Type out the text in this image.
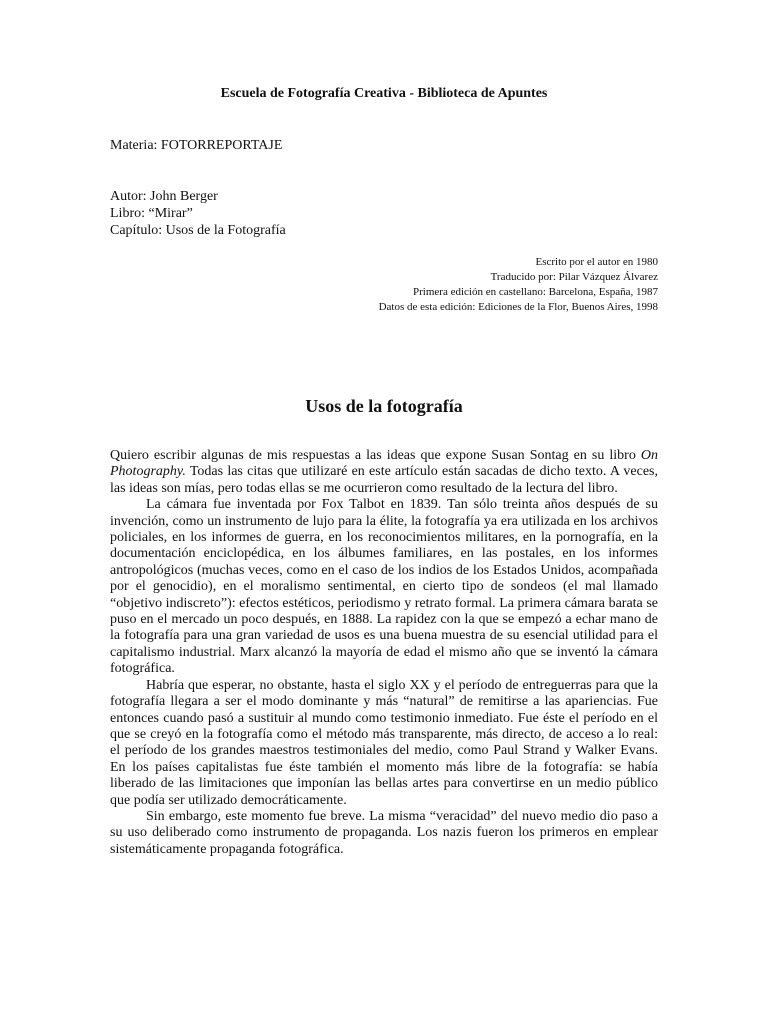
Escuela de Fotografía Creativa - Biblioteca de Apuntes
Materia: FOTORREPORTAJE
Autor: John Berger
Libro: “Mirar”
Capítulo: Usos de la Fotografía
Escrito por el autor en 1980
Traducido por: Pilar Vázquez Álvarez
Primera edición en castellano: Barcelona, España, 1987
Datos de esta edición: Ediciones de la Flor, Buenos Aires, 1998
Usos de la fotografía

Quiero escribir algunas de mis respuestas a las ideas que expone Susan Sontag en su libro On Photography. Todas las citas que utilizaré en este artículo están sacadas de dicho texto. A veces, las ideas son mías, pero todas ellas se me ocurrieron como resultado de la lectura del libro.

La cámara fue inventada por Fox Talbot en 1839. Tan sólo treinta años después de su invención, como un instrumento de lujo para la élite, la fotografía ya era utilizada en los archivos policiales, en los informes de guerra, en los reconocimientos militares, en la pornografía, en la documentación enciclopédica, en los álbumes familiares, en las postales, en los informes antropológicos (muchas veces, como en el caso de los indios de los Estados Unidos, acompañada por el genocidio), en el moralismo sentimental, en cierto tipo de sondeos (el mal llamado “objetivo indiscreto”): efectos estéticos, periodismo y retrato formal. La primera cámara barata se puso en el mercado un poco después, en 1888. La rapidez con la que se empezó a echar mano de la fotografía para una gran variedad de usos es una buena muestra de su esencial utilidad para el capitalismo industrial. Marx alcanzó la mayoría de edad el mismo año que se inventó la cámara fotográfica.

Habría que esperar, no obstante, hasta el siglo XX y el período de entreguerras para que la fotografía llegara a ser el modo dominante y más “natural” de remitirse a las apariencias. Fue entonces cuando pasó a sustituir al mundo como testimonio inmediato. Fue éste el período en el que se creyó en la fotografía como el método más transparente, más directo, de acceso a lo real: el período de los grandes maestros testimoniales del medio, como Paul Strand y Walker Evans. En los países capitalistas fue éste también el momento más libre de la fotografía: se había liberado de las limitaciones que imponían las bellas artes para convertirse en un medio público que podía ser utilizado democráticamente.

Sin embargo, este momento fue breve. La misma “veracidad” del nuevo medio dio paso a su uso deliberado como instrumento de propaganda. Los nazis fueron los primeros en emplear sistemáticamente propaganda fotográfica.
